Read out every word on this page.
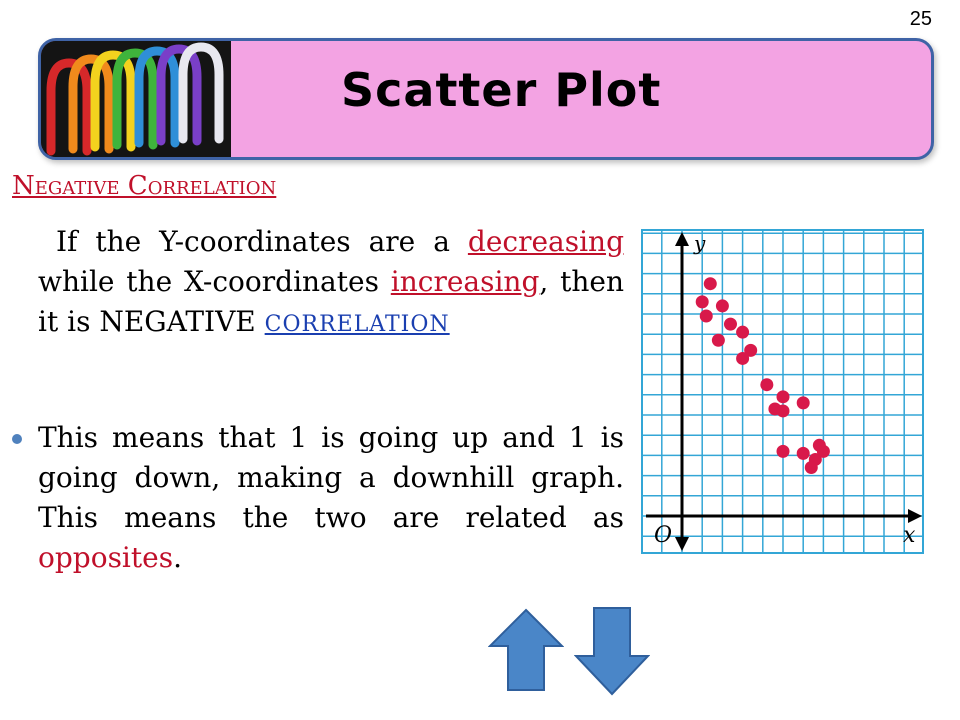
25
Scatter Plot
Negative Correlation
If the Y-coordinates are a decreasing while the X-coordinates increasing, then it is NEGATIVE CORRELATION
This means that 1 is going up and 1 is going down, making a downhill graph. This means the two are related as opposites.
y
x
O
